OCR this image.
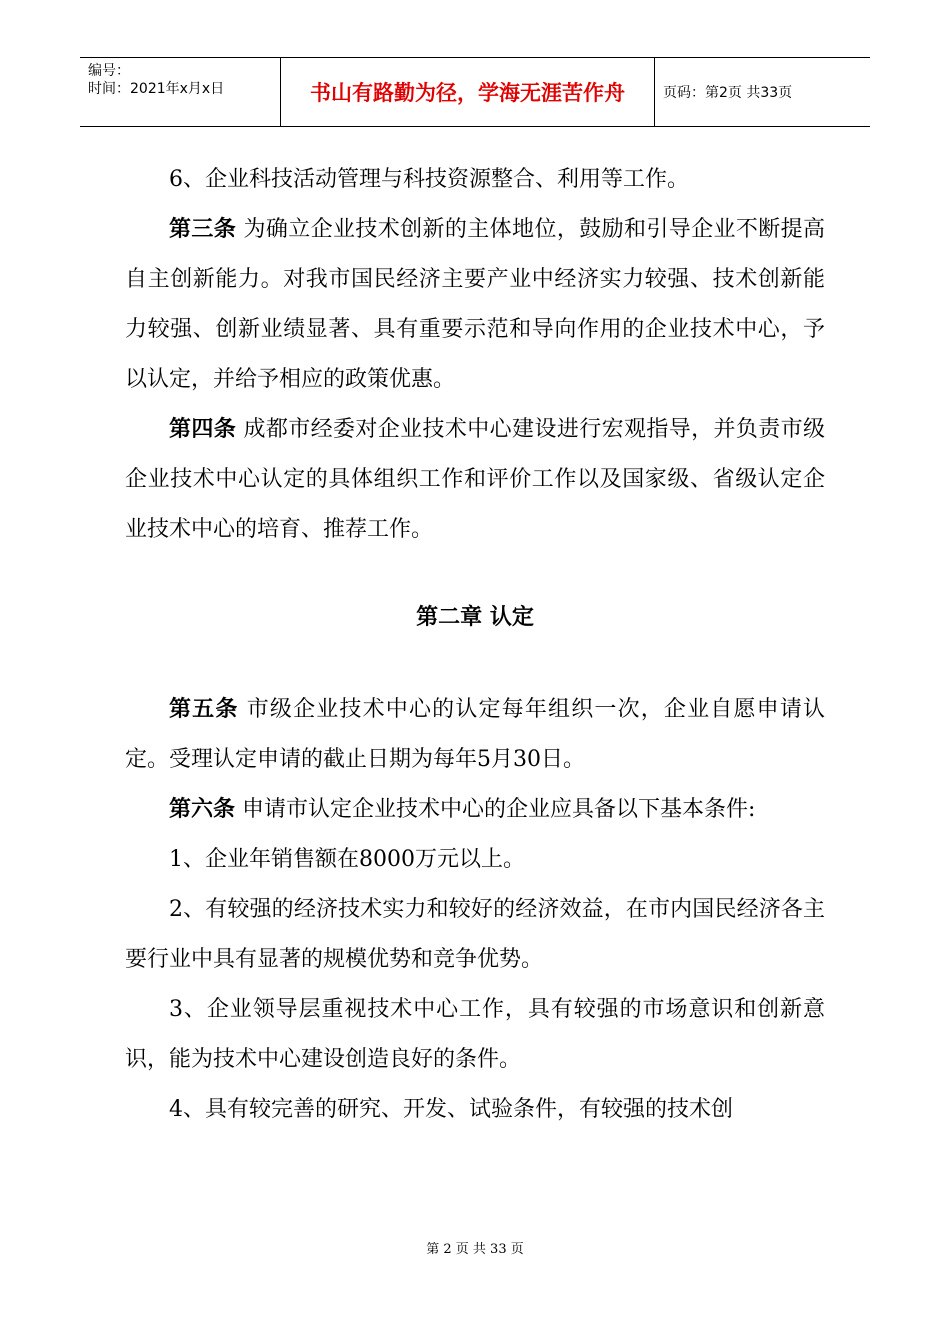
编号：
时间：2021年x月x日	书山有路勤为径，学海无涯苦作舟	页码：第2页 共33页

6、企业科技活动管理与科技资源整合、利用等工作。

第三条 为确立企业技术创新的主体地位，鼓励和引导企业不断提高自主创新能力。对我市国民经济主要产业中经济实力较强、技术创新能力较强、创新业绩显著、具有重要示范和导向作用的企业技术中心，予以认定，并给予相应的政策优惠。

第四条 成都市经委对企业技术中心建设进行宏观指导，并负责市级企业技术中心认定的具体组织工作和评价工作以及国家级、省级认定企业技术中心的培育、推荐工作。

第二章 认定

第五条 市级企业技术中心的认定每年组织一次，企业自愿申请认定。受理认定申请的截止日期为每年5月30日。

第六条 申请市认定企业技术中心的企业应具备以下基本条件:

1、企业年销售额在8000万元以上。

2、有较强的经济技术实力和较好的经济效益，在市内国民经济各主要行业中具有显著的规模优势和竞争优势。

3、企业领导层重视技术中心工作，具有较强的市场意识和创新意识，能为技术中心建设创造良好的条件。

4、具有较完善的研究、开发、试验条件，有较强的技术创

第 2 页 共 33 页
